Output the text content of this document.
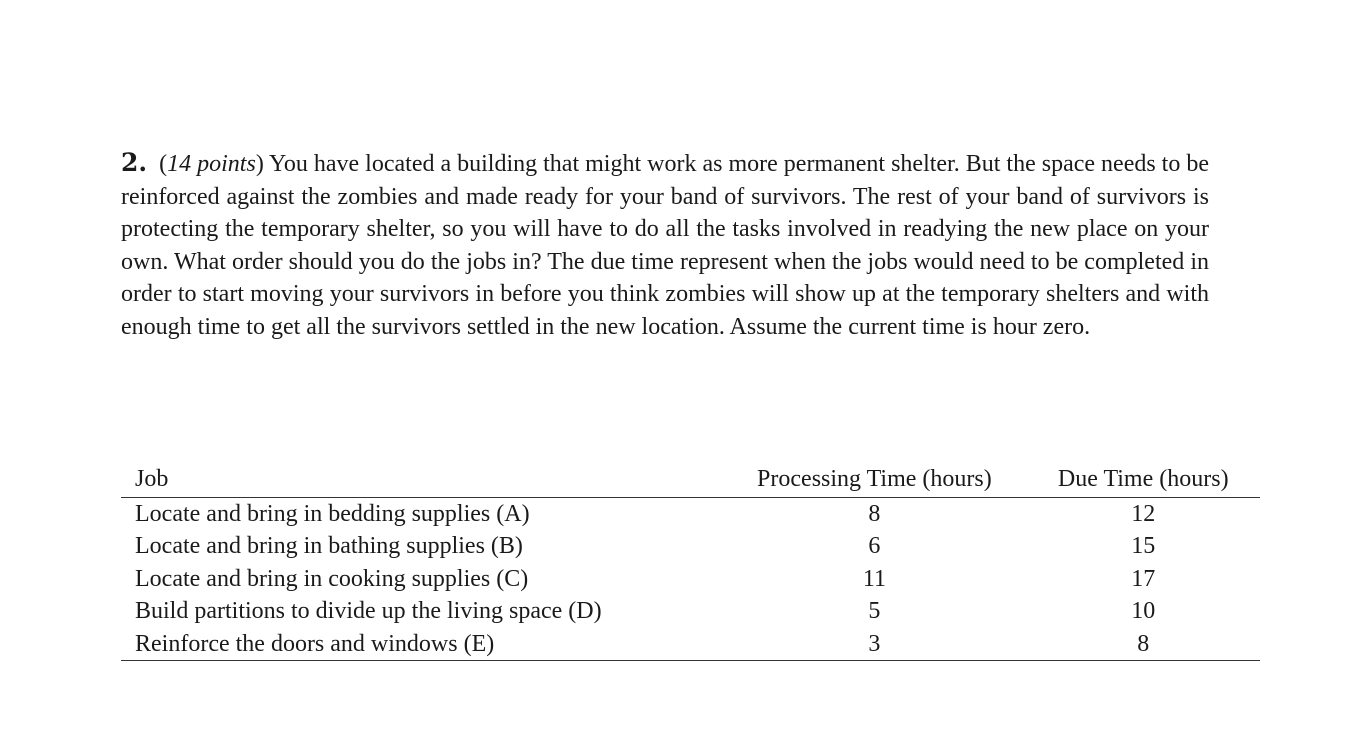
2.  (14 points) You have located a building that might work as more permanent shelter. But the space needs to be reinforced against the zombies and made ready for your band of survivors. The rest of your band of survivors is protecting the temporary shelter, so you will have to do all the tasks involved in readying the new place on your own. What order should you do the jobs in? The due time represent when the jobs would need to be completed in order to start moving your survivors in before you think zombies will show up at the temporary shelters and with enough time to get all the survivors settled in the new location. Assume the current time is hour zero.
Job	Processing Time (hours)	Due Time (hours)
Locate and bring in bedding supplies (A)	8	12
Locate and bring in bathing supplies (B)	6	15
Locate and bring in cooking supplies (C)	11	17
Build partitions to divide up the living space (D)	5	10
Reinforce the doors and windows (E)	3	8
